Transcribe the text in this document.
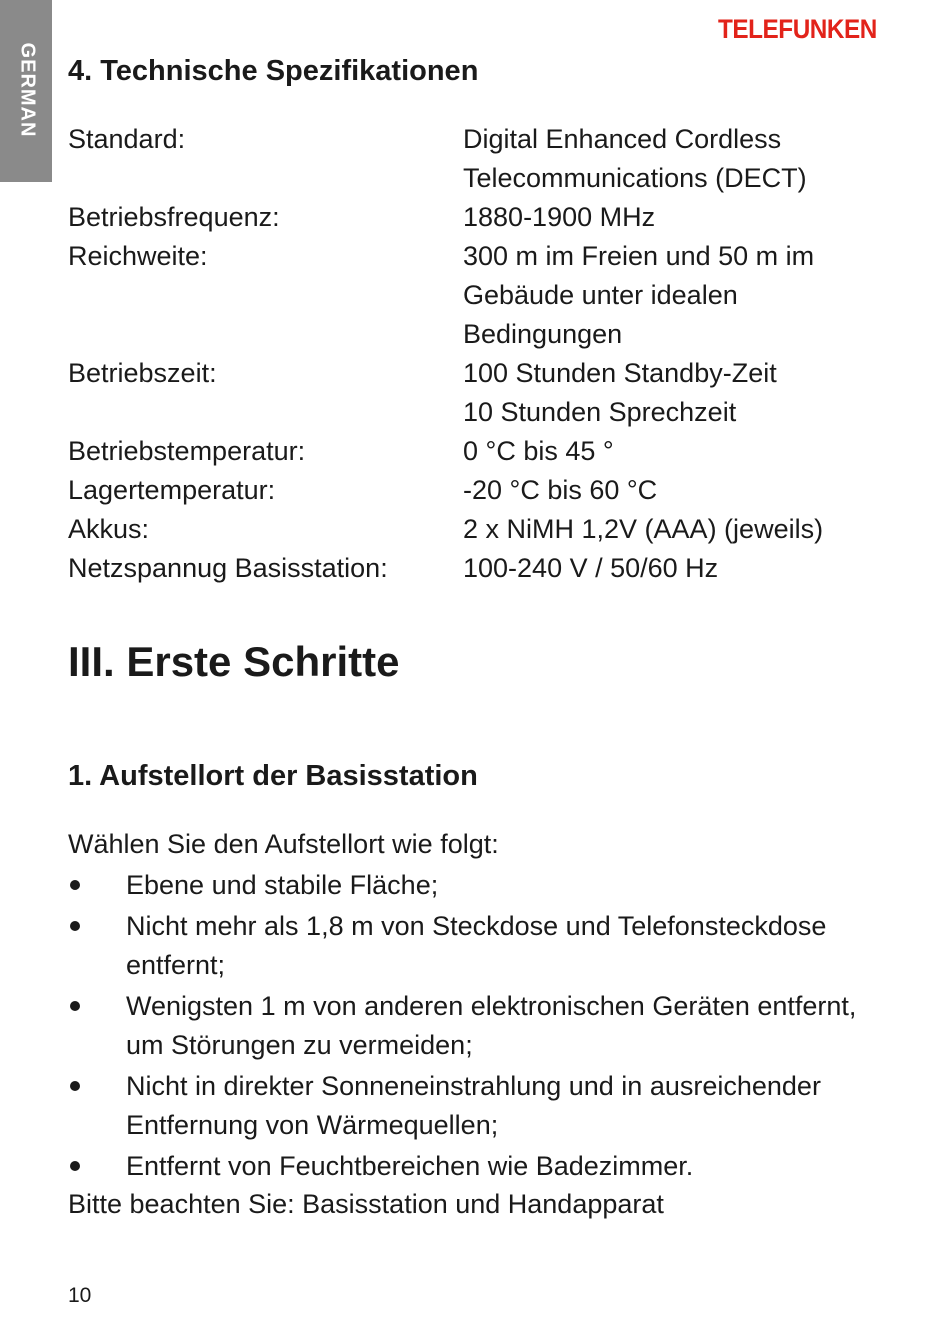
GERMAN
TELEFUNKEN
4. Technische Spezifikationen
Standard:	Digital Enhanced Cordless
Telecommunications (DECT)
Betriebsfrequenz:	1880-1900 MHz
Reichweite:	300 m im Freien und 50 m im
Gebäude unter idealen
Bedingungen
Betriebszeit:	100 Stunden Standby-Zeit
10 Stunden Sprechzeit
Betriebstemperatur:	0 °C bis 45 °
Lagertemperatur:	-20 °C bis 60 °C
Akkus:	2 x NiMH 1,2V (AAA) (jeweils)
Netzspannug Basisstation:	100-240 V / 50/60 Hz
III. Erste Schritte
1. Aufstellort der Basisstation

Wählen Sie den Aufstellort wie folgt:

Ebene und stabile Fläche;
Nicht mehr als 1,8 m von Steckdose und Telefonsteckdose entfernt;
Wenigsten 1 m von anderen elektronischen Geräten entfernt, um Störungen zu vermeiden;
Nicht in direkter Sonneneinstrahlung und in ausreichender Entfernung von Wärmequellen;
Entfernt von Feuchtbereichen wie Badezimmer.

Bitte beachten Sie: Basisstation und Handapparat

10
